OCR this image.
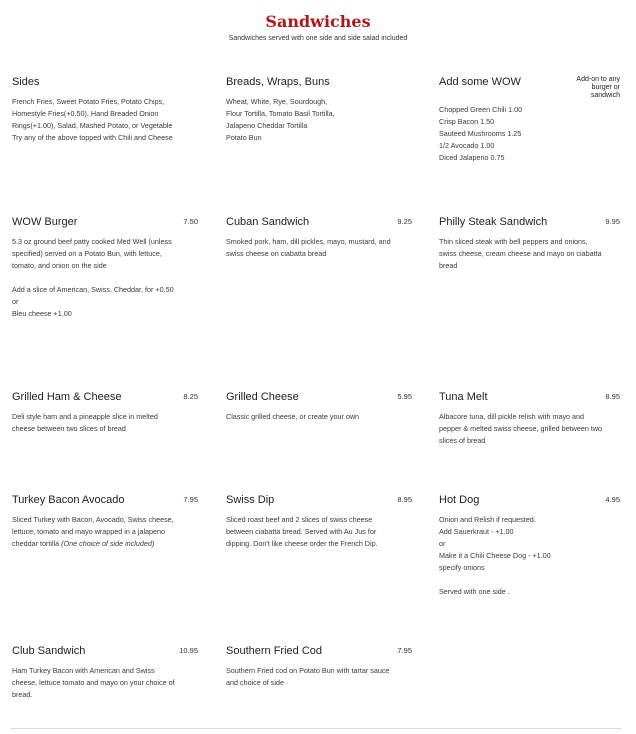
Sandwiches
Sandwiches served with one side and side salad included
Sides

French Fries, Sweet Potato Fries, Potato Chips,

Homestyle Fries(+0.50), Hand Breaded Onion

Rings(+1.00), Salad, Mashed Potato, or Vegetable

Try any of the above topped with Chili and Cheese

Breads, Wraps, Buns

Wheat, White, Rye, Sourdough,

Flour Tortilla, Tomato Basil Tortilla,

Jalapeno Cheddar Tortilla

Potato Bun

Add some WOW	Add-on to any burger or sandwich

Chopped Green Chili 1.00

Crisp Bacon 1.50

Sauteed Mushrooms 1.25

1/2 Avocado 1.00

Diced Jalapeno 0.75

WOW Burger	7.50

5.3 oz ground beef patty cooked Med Well (unless

specified) served on a Potato Bun, with lettuce,

tomato, and onion on the side

Add a slice of American, Swiss, Cheddar, for +0.50

or

Bleu cheese +1.00

Cuban Sandwich	9.25

Smoked pork, ham, dill pickles, mayo, mustard, and

swiss cheese on ciabatta bread

Philly Steak Sandwich	9.95

Thin sliced steak with bell peppers and onions,

swiss cheese, cream cheese and mayo on ciabatta

bread

Grilled Ham & Cheese	8.25

Deli style ham and a pineapple slice in melted

cheese between two slices of bread

Grilled Cheese	5.95

Classic grilled cheese, or create your own

Tuna Melt	8.95

Albacore tuna, dill pickle relish with mayo and

pepper & melted swiss cheese, grilled between two

slices of bread

Turkey Bacon Avocado	7.95

Sliced Turkey with Bacon, Avocado, Swiss cheese,

lettuce, tomato and mayo wrapped in a jalapeno

cheddar tortilla (One choice of side included)

Swiss Dip	8.95

Sliced roast beef and 2 slices of swiss cheese

between ciabatta bread. Served with Au Jus for

dipping. Don't like cheese order the French Dip.

Hot Dog	4.95

Onion and Relish if requested.

Add Sauerkraut - +1.00

or

Make it a Chili Cheese Dog - +1.00

specify onions

Served with one side .

Club Sandwich	10.95

Ham Turkey Bacon with American and Swiss

cheese, lettuce tomato and mayo on your choice of

bread.

Southern Fried Cod	7.95

Southern Fried cod on Potato Bun with tartar sauce

and choice of side
